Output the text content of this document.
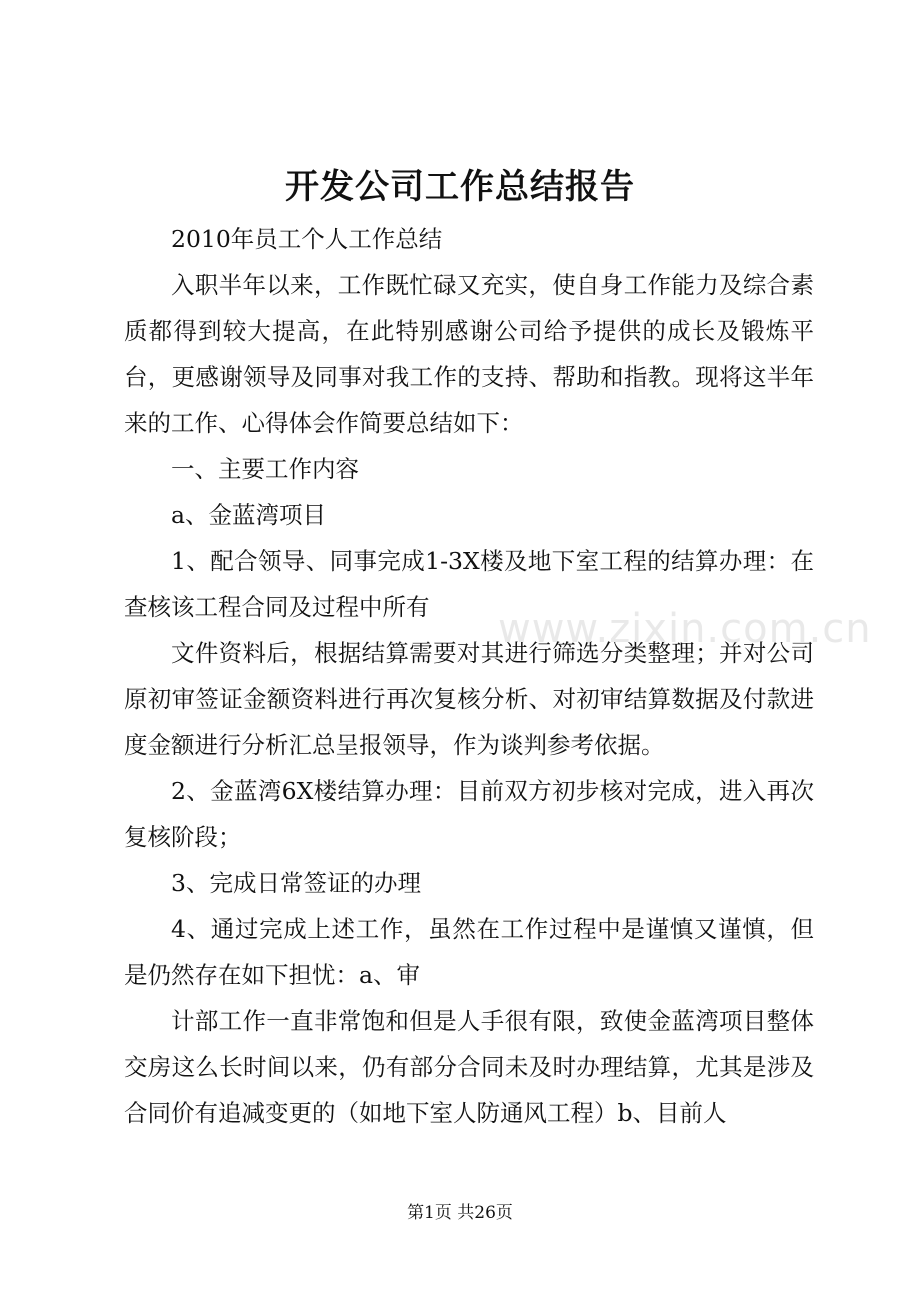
开发公司工作总结报告

2010年员工个人工作总结

入职半年以来，工作既忙碌又充实，使自身工作能力及综合素质都得到较大提高，在此特别感谢公司给予提供的成长及锻炼平台，更感谢领导及同事对我工作的支持、帮助和指教。现将这半年来的工作、心得体会作简要总结如下：

一、主要工作内容

a、金蓝湾项目

1、配合领导、同事完成1-3X楼及地下室工程的结算办理：在查核该工程合同及过程中所有

文件资料后，根据结算需要对其进行筛选分类整理；并对公司原初审签证金额资料进行再次复核分析、对初审结算数据及付款进度金额进行分析汇总呈报领导，作为谈判参考依据。

2、金蓝湾6X楼结算办理：目前双方初步核对完成，进入再次复核阶段；

3、完成日常签证的办理

4、通过完成上述工作，虽然在工作过程中是谨慎又谨慎，但是仍然存在如下担忧：a、审

计部工作一直非常饱和但是人手很有限，致使金蓝湾项目整体交房这么长时间以来，仍有部分合同未及时办理结算，尤其是涉及合同价有追减变更的（如地下室人防通风工程）b、目前人

www.zixin.com.cn
第1页 共26页
